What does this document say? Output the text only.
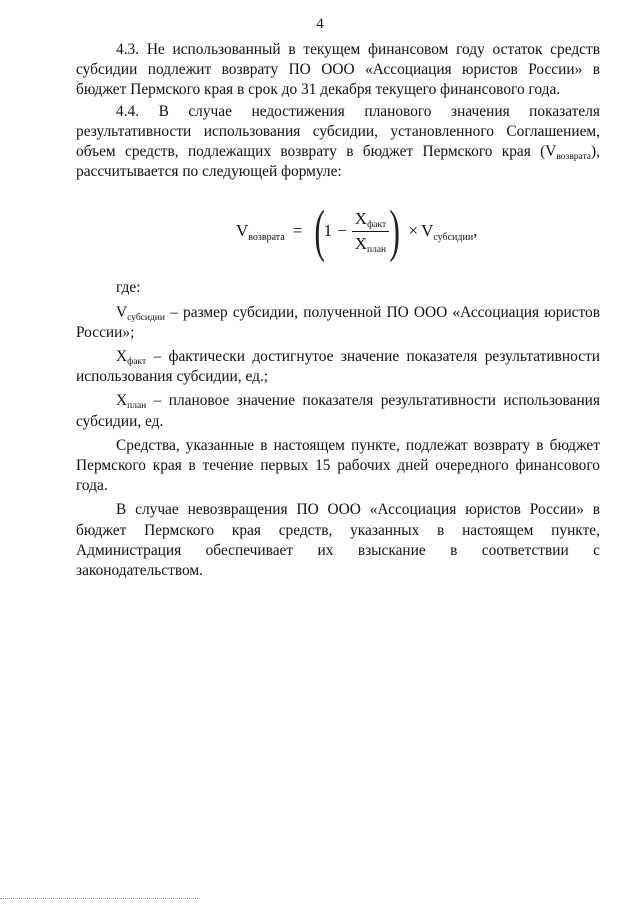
4

4.3. Не использованный в текущем финансовом году остаток средств субсидии подлежит возврату ПО ООО «Ассоциация юристов России» в бюджет Пермского края в срок до 31 декабря текущего финансового года.

4.4. В случае недостижения планового значения показателя результативности использования субсидии, установленного Соглашением, объем средств, подлежащих возврату в бюджет Пермского края $(V_{возврата})$, рассчитывается по следующей формуле:

$V_{возврата}$ = (
$1 - \frac{X_{факт}}{X_{план}}$ ) × $V_{субсидии}$,

где:

$V_{субсидии}$ – размер субсидии, полученной ПО ООО «Ассоциация юристов России»;

$X_{факт}$ – фактически достигнутое значение показателя результативности использования субсидии, ед.;

$X_{план}$ – плановое значение показателя результативности использования субсидии, ед.

Средства, указанные в настоящем пункте, подлежат возврату в бюджет Пермского края в течение первых 15 рабочих дней очередного финансового года.

В случае невозвращения ПО ООО «Ассоциация юристов России» в бюджет Пермского края средств, указанных в настоящем пункте, Администрация обеспечивает их взыскание в соответствии с законодательством.
